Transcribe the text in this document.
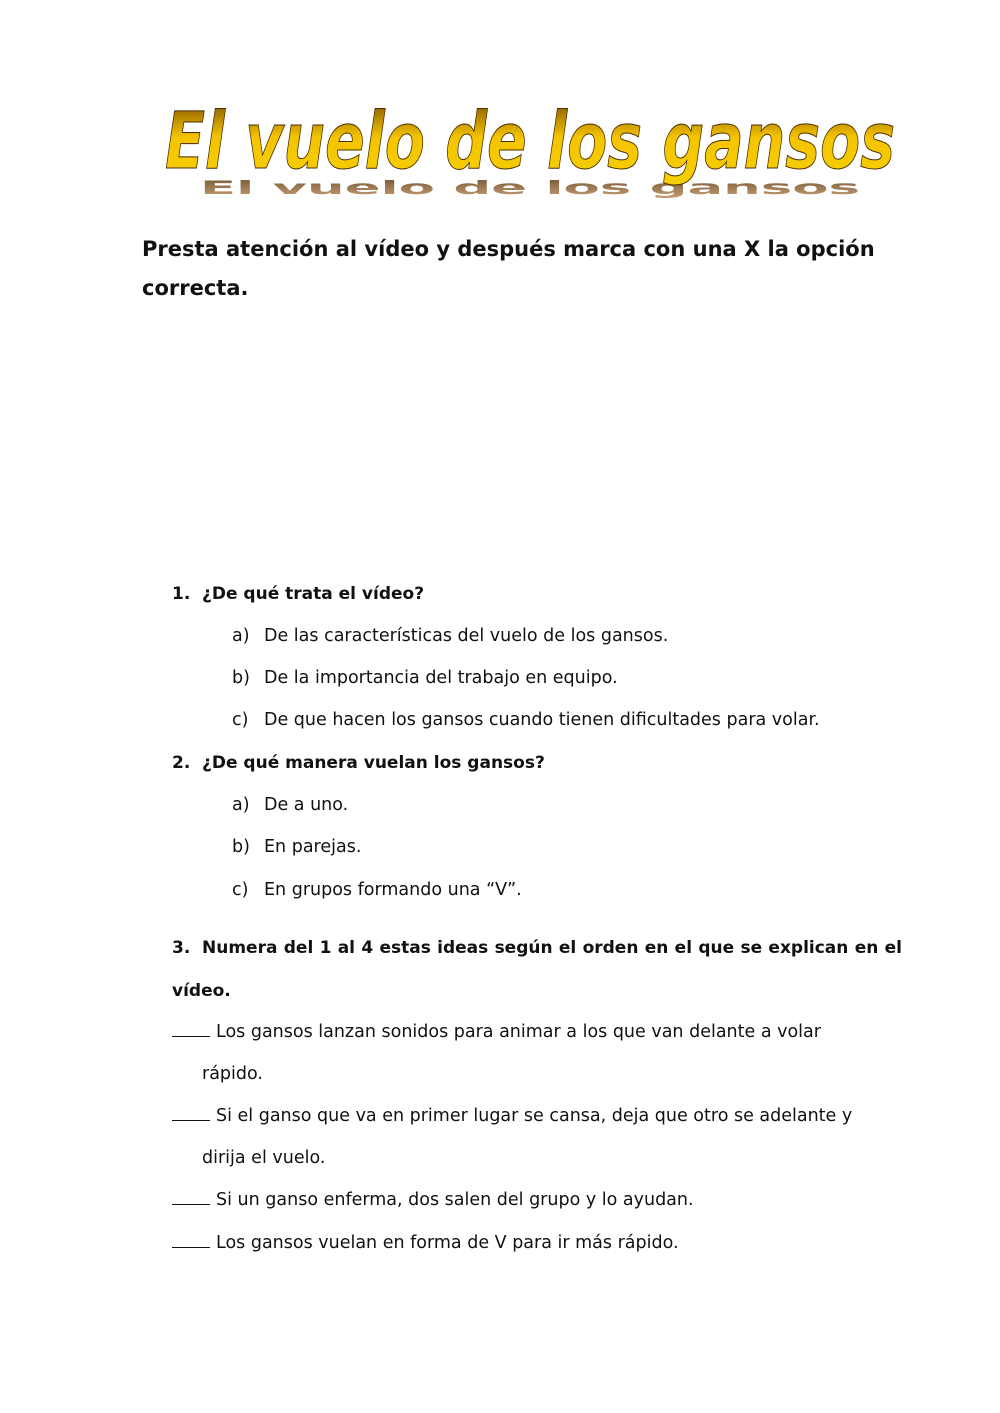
El vuelo de los gansos
El vuelo de los gansos
Presta atención al vídeo y después marca con una X la opción correcta.
1. ¿De qué trata el vídeo?
a) De las características del vuelo de los gansos.
b) De la importancia del trabajo en equipo.
c) De que hacen los gansos cuando tienen dificultades para volar.
2. ¿De qué manera vuelan los gansos?
a) De a uno.
b) En parejas.
c) En grupos formando una “V”.
3. Numera del 1 al 4 estas ideas según el orden en el que se explican en el vídeo.
Los gansos lanzan sonidos para animar a los que van delante a volar
rápido.
Si el ganso que va en primer lugar se cansa, deja que otro se adelante y
dirija el vuelo.
Si un ganso enferma, dos salen del grupo y lo ayudan.
Los gansos vuelan en forma de V para ir más rápido.
